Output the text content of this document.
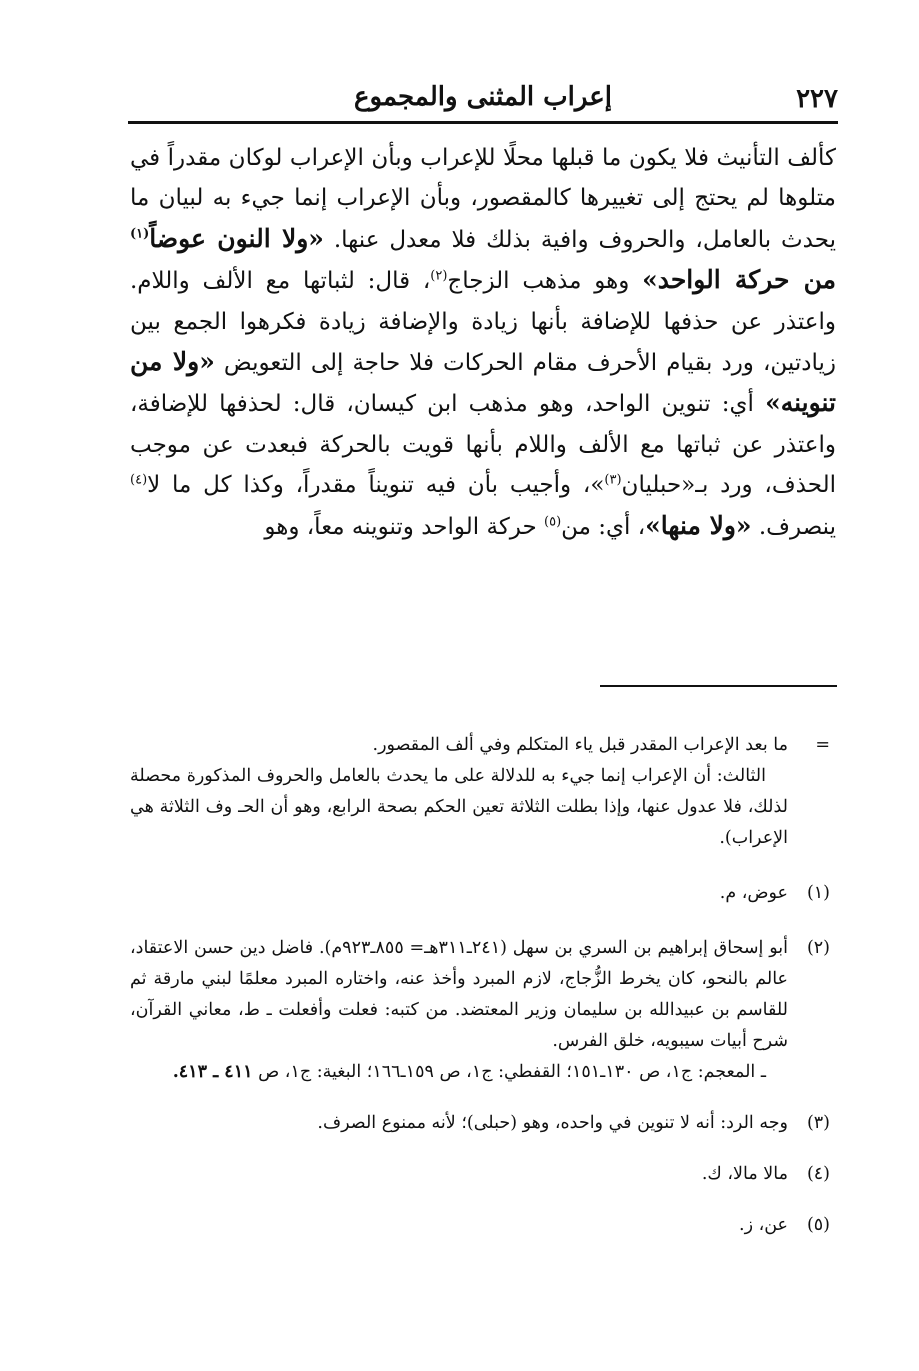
٢٢٧
إعراب المثنى والمجموع
كألف التأنيث فلا يكون ما قبلها محلًا للإعراب وبأن الإعراب لوكان مقدراً في متلوها لم يحتج إلى تغييرها كالمقصور، وبأن الإعراب إنما جيء به لبيان ما يحدث بالعامل، والحروف وافية بذلك فلا معدل عنها. «ولا النون عوضاً$^{(١)}$ من حركة الواحد» وهو مذهب الزجاج$^{(٢)}$، قال: لثباتها مع الألف واللام. واعتذر عن حذفها للإضافة بأنها زيادة والإضافة زيادة فكرهوا الجمع بين زيادتين، ورد بقيام الأحرف مقام الحركات فلا حاجة إلى التعويض «ولا من تنوينه» أي: تنوين الواحد، وهو مذهب ابن كيسان، قال: لحذفها للإضافة، واعتذر عن ثباتها مع الألف واللام بأنها قويت بالحركة فبعدت عن موجب الحذف، ورد بـ«حبليان$^{(٣)}$»، وأجيب بأن فيه تنويناً مقدراً، وكذا كل ما لا$^{(٤)}$ ينصرف. «ولا منها»، أي: من$^{(٥)}$ حركة الواحد وتنوينه معاً، وهو
=
ما بعد الإعراب المقدر قبل ياء المتكلم وفي ألف المقصور.
الثالث: أن الإعراب إنما جيء به للدلالة على ما يحدث بالعامل والحروف المذكورة محصلة لذلك، فلا عدول عنها، وإذا بطلت الثلاثة تعين الحكم بصحة الرابع، وهو أن الحـ وف الثلاثة هي الإعراب).
(١)
عوض، م.
(٢)
أبو إسحاق إبراهيم بن السري بن سهل (٢٤١ـ٣١١هـ= ٨٥٥ـ٩٢٣م). فاضل دين حسن الاعتقاد، عالم بالنحو، كان يخرط الزُّجاج، لازم المبرد وأخذ عنه، واختاره المبرد معلمًا لبني مارقة ثم للقاسم بن عبيدالله بن سليمان وزير المعتضد. من كتبه: فعلت وأفعلت ـ ط، معاني القرآن، شرح أبيات سيبويه، خلق الفرس.
ـ المعجم: ج١، ص ١٣٠ـ١٥١؛ القفطي: ج١، ص ١٥٩ـ١٦٦؛ البغية: ج١، ص ٤١١ ـ ٤١٣.
(٣)
وجه الرد: أنه لا تنوين في واحده، وهو (حبلى)؛ لأنه ممنوع الصرف.
(٤)
مالا مالا، ك.
(٥)
عن، ز.
